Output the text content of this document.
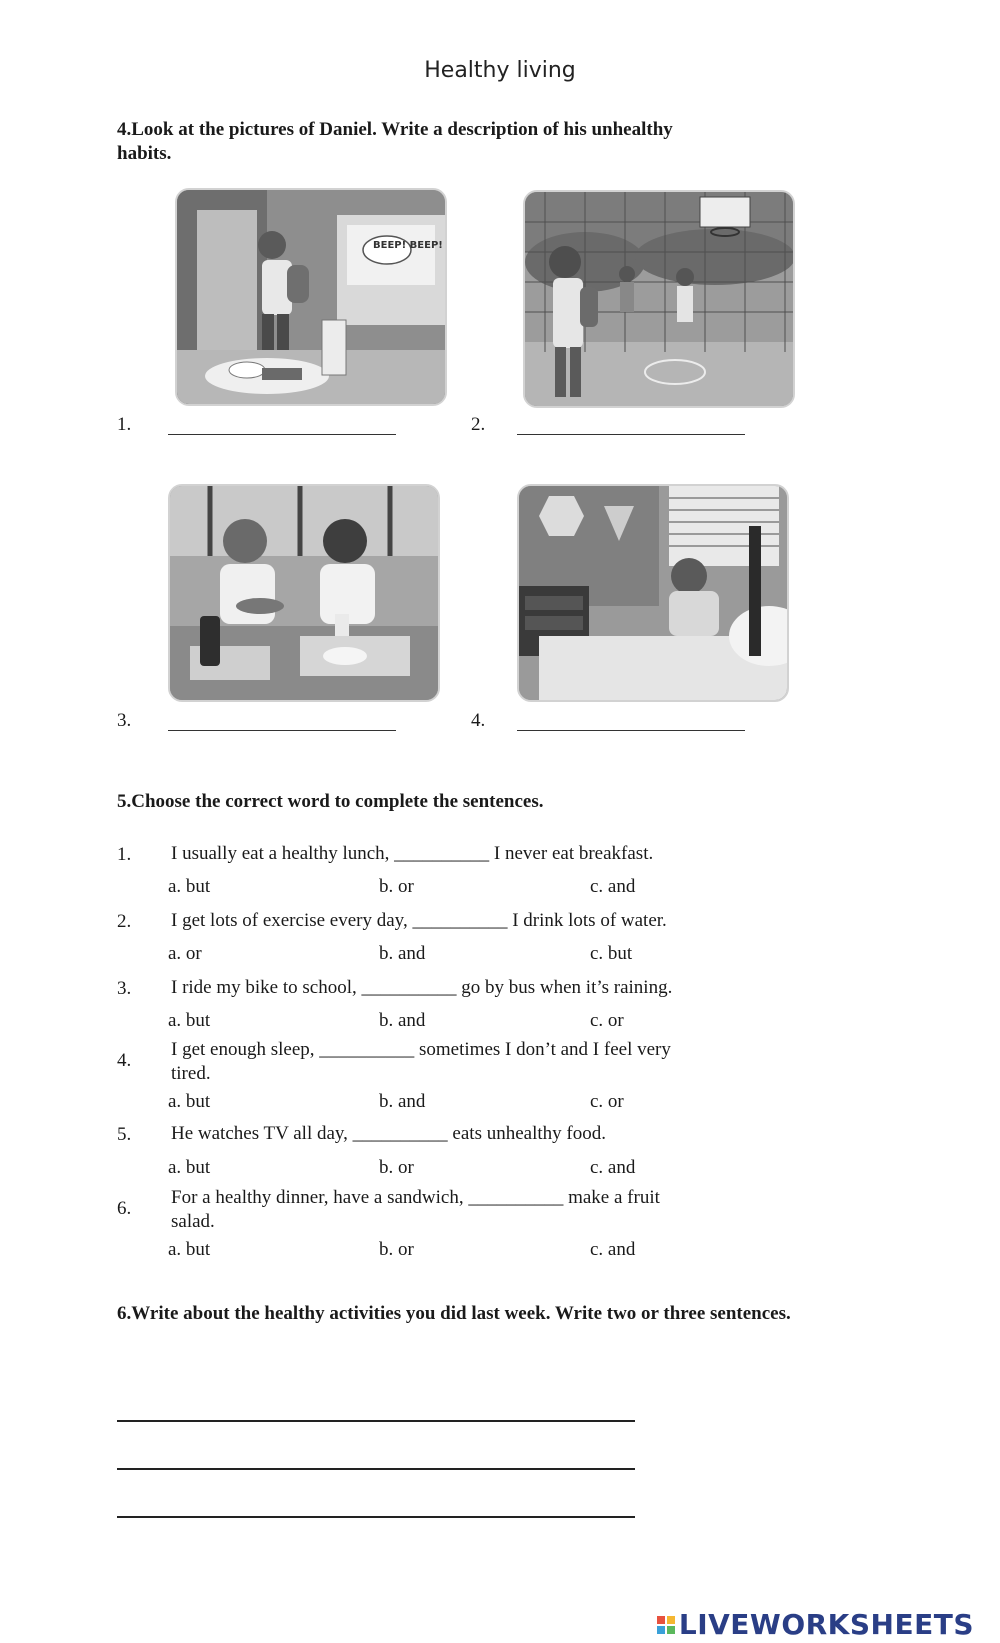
Healthy living
4.Look at the pictures of Daniel. Write a description of his unhealthy habits.
BEEP! BEEP!
1.	2.
3.	4.
5.Choose the correct word to complete the sentences.
1. I usually eat a healthy lunch, __________ I never eat breakfast.
a. but	b. or	c. and
2. I get lots of exercise every day, __________ I drink lots of water.
a. or	b. and	c. but
3. I ride my bike to school, __________ go by bus when it’s raining.
a. but	b. and	c. or
4.
I get enough sleep, __________ sometimes I don’t and I feel very tired.
a. but	b. and	c. or
5. He watches TV all day, __________ eats unhealthy food.
a. but	b. or	c. and
6.
For a healthy dinner, have a sandwich, __________ make a fruit salad.
a. but	b. or	c. and
6.Write about the healthy activities you did last week. Write two or three sentences.
LIVEWORKSHEETS
